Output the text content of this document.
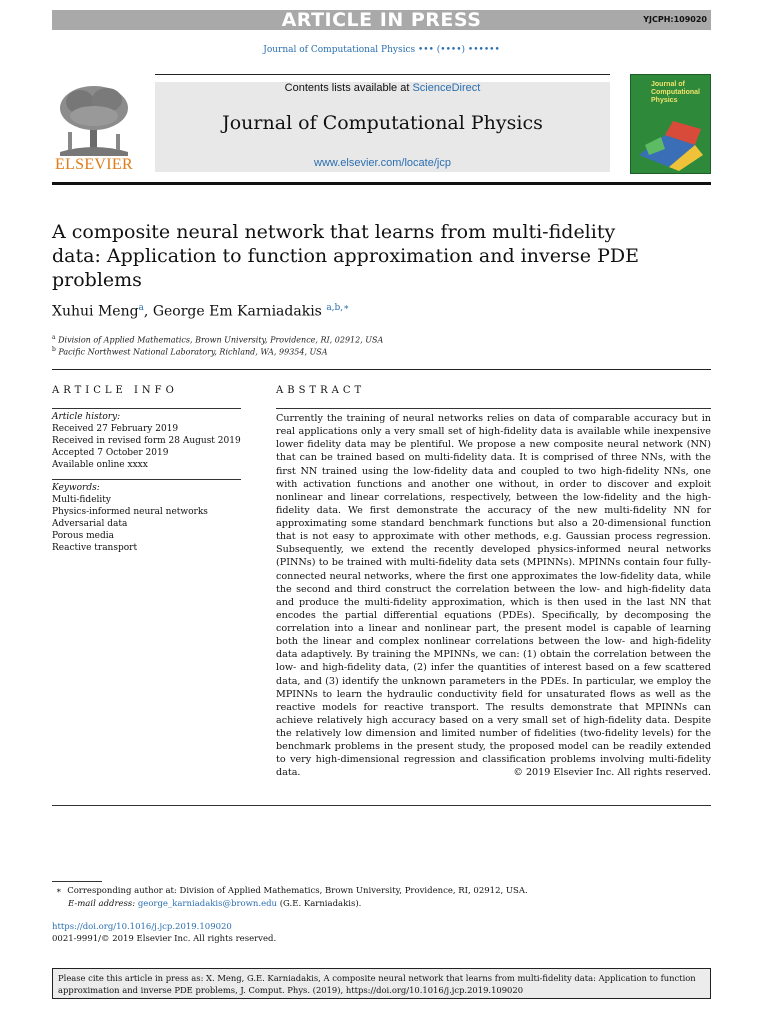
ARTICLE IN PRESS	YJCPH:109020
Journal of Computational Physics ••• (••••) ••••••
Contents lists available at ScienceDirect
Journal of Computational Physics
www.elsevier.com/locate/jcp
ELSEVIER
Journal of
Computational
Physics
A composite neural network that learns from multi-fidelity
data: Application to function approximation and inverse PDE
problems
Xuhui Meng$^a$, George Em Karniadakis $^{a,b,∗}$
$^a$ Division of Applied Mathematics, Brown University, Providence, RI, 02912, USA
$^b$ Pacific Northwest National Laboratory, Richland, WA, 99354, USA
ARTICLE INFO
Article history:
Received 27 February 2019
Received in revised form 28 August 2019
Accepted 7 October 2019
Available online xxxx
Keywords:
Multi-fidelity
Physics-informed neural networks
Adversarial data
Porous media
Reactive transport
ABSTRACT
Currently the training of neural networks relies on data of comparable accuracy but in real applications only a very small set of high-fidelity data is available while inexpensive lower fidelity data may be plentiful. We propose a new composite neural network (NN) that can be trained based on multi-fidelity data. It is comprised of three NNs, with the first NN trained using the low-fidelity data and coupled to two high-fidelity NNs, one with activation functions and another one without, in order to discover and exploit nonlinear and linear correlations, respectively, between the low-fidelity and the high-fidelity data. We first demonstrate the accuracy of the new multi-fidelity NN for approximating some standard benchmark functions but also a 20-dimensional function that is not easy to approximate with other methods, e.g. Gaussian process regression. Subsequently, we extend the recently developed physics-informed neural networks (PINNs) to be trained with multi-fidelity data sets (MPINNs). MPINNs contain four fully-connected neural networks, where the first one approximates the low-fidelity data, while the second and third construct the correlation between the low- and high-fidelity data and produce the multi-fidelity approximation, which is then used in the last NN that encodes the partial differential equations (PDEs). Specifically, by decomposing the correlation into a linear and nonlinear part, the present model is capable of learning both the linear and complex nonlinear correlations between the low- and high-fidelity data adaptively. By training the MPINNs, we can: (1) obtain the correlation between the low- and high-fidelity data, (2) infer the quantities of interest based on a few scattered data, and (3) identify the unknown parameters in the PDEs. In particular, we employ the MPINNs to learn the hydraulic conductivity field for unsaturated flows as well as the reactive models for reactive transport. The results demonstrate that MPINNs can achieve relatively high accuracy based on a very small set of high-fidelity data. Despite the relatively low dimension and limited number of fidelities (two-fidelity levels) for the benchmark problems in the present study, the proposed model can be readily extended to very high-dimensional regression and classification problems involving multi-fidelity data.	© 2019 Elsevier Inc. All rights reserved.
∗ Corresponding author at: Division of Applied Mathematics, Brown University, Providence, RI, 02912, USA.
E-mail address: george_karniadakis@brown.edu (G.E. Karniadakis).
https://doi.org/10.1016/j.jcp.2019.109020
0021-9991/© 2019 Elsevier Inc. All rights reserved.
Please cite this article in press as: X. Meng, G.E. Karniadakis, A composite neural network that learns from multi-fidelity data: Application to function
approximation and inverse PDE problems, J. Comput. Phys. (2019), https://doi.org/10.1016/j.jcp.2019.109020
